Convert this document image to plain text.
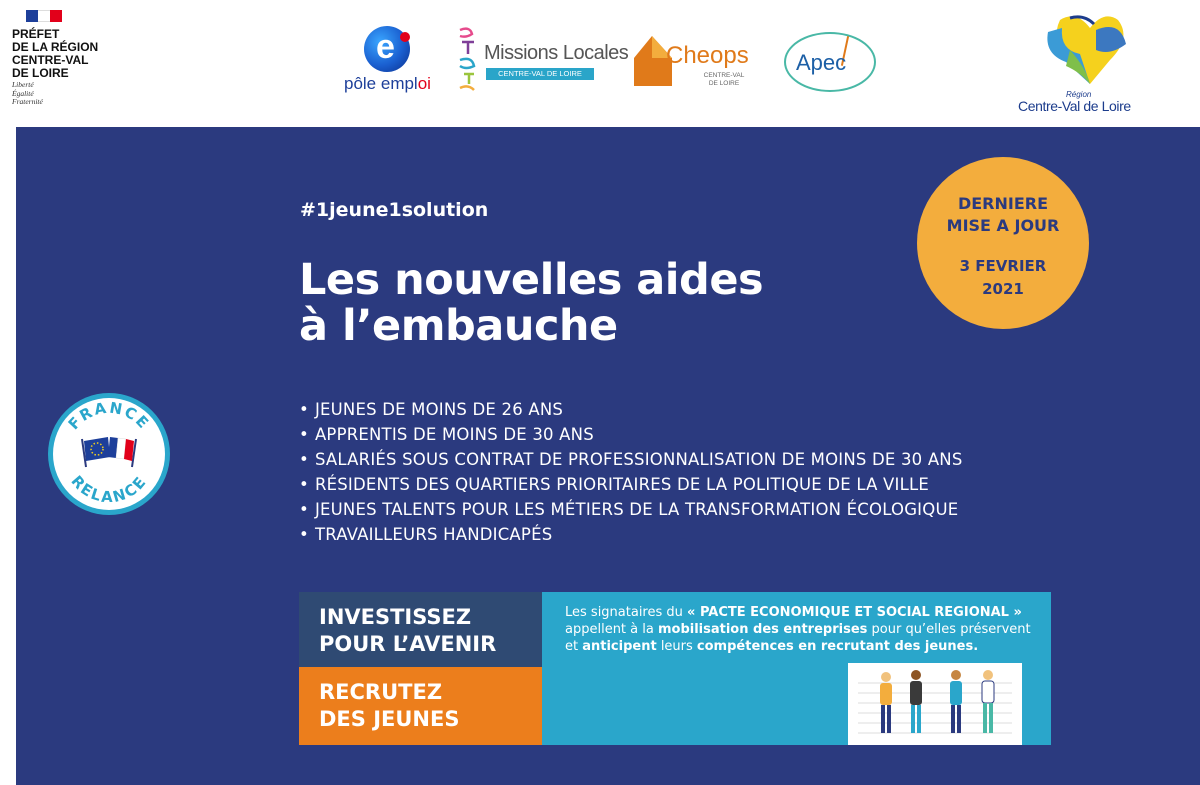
PRÉFET
DE LA RÉGION
CENTRE-VAL
DE LOIRE
Liberté
Égalité
Fraternité
e
pôle emploi
Missions Locales
CENTRE-VAL DE LOIRE
Cheops
CENTRE-VAL
DE LOIRE
Apec
Région
Centre-Val de Loire
#1jeune1solution
Les nouvelles aides
à l’embauche
DERNIERE
MISE A JOUR
3 FEVRIER
2021
• JEUNES DE MOINS DE 26 ANS
• APPRENTIS DE MOINS DE 30 ANS
• SALARIÉS SOUS CONTRAT DE PROFESSIONNALISATION DE MOINS DE 30 ANS
• RÉSIDENTS DES QUARTIERS PRIORITAIRES DE LA POLITIQUE DE LA VILLE
• JEUNES TALENTS POUR LES MÉTIERS DE LA TRANSFORMATION ÉCOLOGIQUE
• TRAVAILLEURS HANDICAPÉS
FRANCE
RELANCE
INVESTISSEZ
POUR L’AVENIR
RECRUTEZ
DES JEUNES

Les signataires du « PACTE ECONOMIQUE ET SOCIAL REGIONAL » appellent à la mobilisation des entreprises pour qu’elles préservent et anticipent leurs compétences en recrutant des jeunes.
